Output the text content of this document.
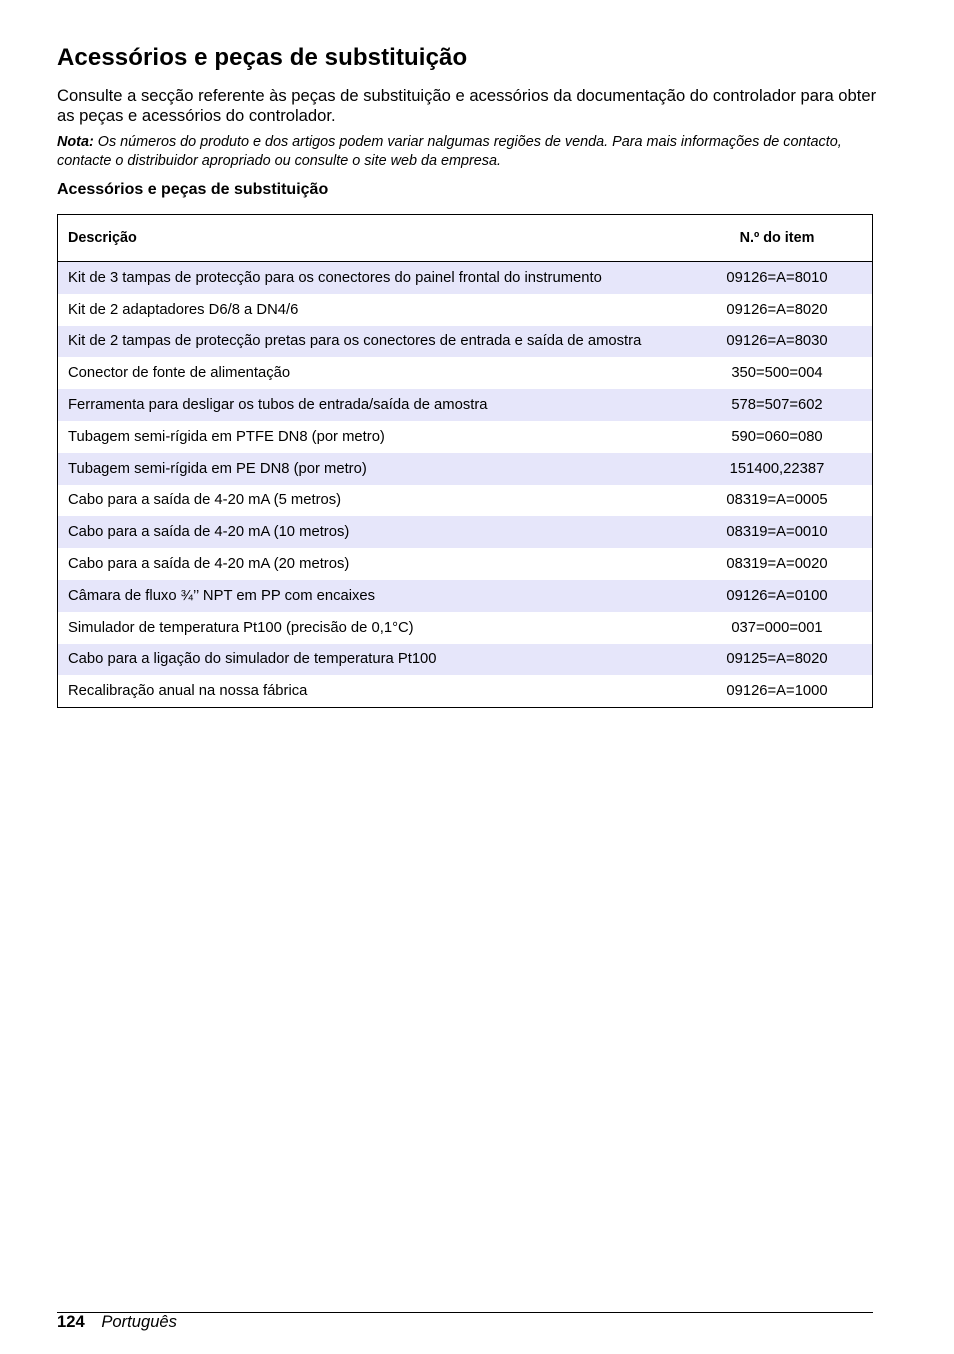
Acessórios e peças de substituição

Consulte a secção referente às peças de substituição e acessórios da documentação do controlador para obter as peças e acessórios do controlador.

Nota: Os números do produto e dos artigos podem variar nalgumas regiões de venda. Para mais informações de contacto, contacte o distribuidor apropriado ou consulte o site web da empresa.

Acessórios e peças de substituição
Descrição	N.º do item
Kit de 3 tampas de protecção para os conectores do painel frontal do instrumento	09126=A=8010
Kit de 2 adaptadores D6/8 a DN4/6	09126=A=8020
Kit de 2 tampas de protecção pretas para os conectores de entrada e saída de amostra	09126=A=8030
Conector de fonte de alimentação	350=500=004
Ferramenta para desligar os tubos de entrada/saída de amostra	578=507=602
Tubagem semi-rígida em PTFE DN8 (por metro)	590=060=080
Tubagem semi-rígida em PE DN8 (por metro)	151400,22387
Cabo para a saída de 4-20 mA (5 metros)	08319=A=0005
Cabo para a saída de 4-20 mA (10 metros)	08319=A=0010
Cabo para a saída de 4-20 mA (20 metros)	08319=A=0020
Câmara de fluxo ¾’’ NPT em PP com encaixes	09126=A=0100
Simulador de temperatura Pt100 (precisão de 0,1°C)	037=000=001
Cabo para a ligação do simulador de temperatura Pt100	09125=A=8020
Recalibração anual na nossa fábrica	09126=A=1000
124 Português
